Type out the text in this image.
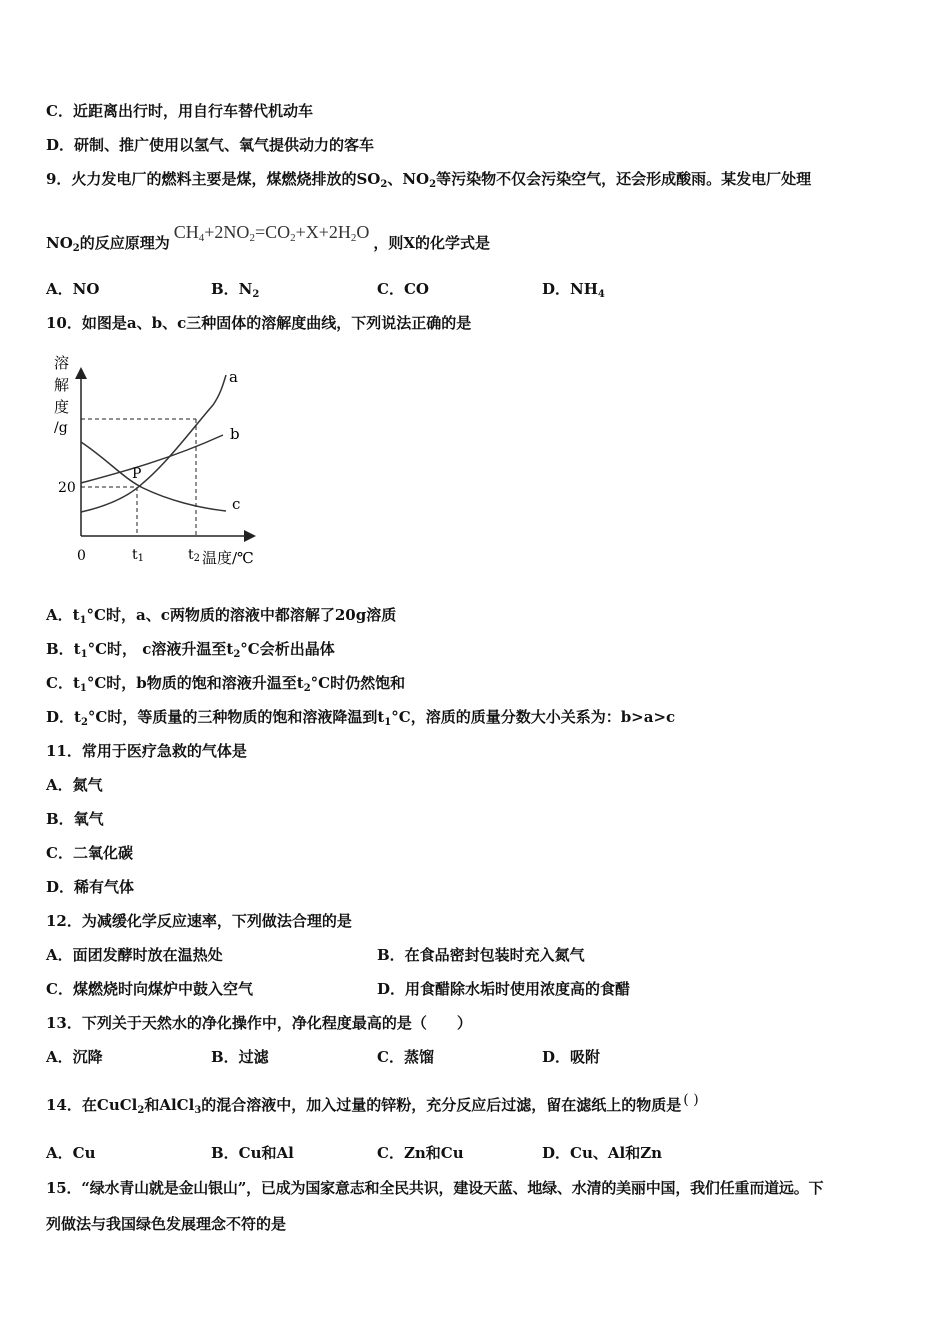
C．近距离出行时，用自行车替代机动车
D．研制、推广使用以氢气、氧气提供动力的客车
9．火力发电厂的燃料主要是煤，煤燃烧排放的$SO_2$、$NO_2$等污染物不仅会污染空气，还会形成酸雨。某发电厂处理
$NO_2$的反应原理为$CH_4+2NO_2=CO_2+X+2H_2O$，则X的化学式是
A．NO	B．$N_2$	C．CO	D．$NH_4$
10．如图是a、b、c三种固体的溶解度曲线，下列说法正确的是
溶
解
度
/g
20
0	t1	t2 温度/℃
a
b
c
P
A．$t_1^\circ C$时，a、c两物质的溶液中都溶解了20g溶质
B．$t_1^\circ C$时， c溶液升温至$t_2^\circ C$会析出晶体
C．$t_1^\circ C$时，b物质的饱和溶液升温至$t_2^\circ C$时仍然饱和
D．$t_2^\circ C$时，等质量的三种物质的饱和溶液降温到$t_1^\circ C$，溶质的质量分数大小关系为：b>a>c
11．常用于医疗急救的气体是
A．氮气
B．氧气
C．二氧化碳
D．稀有气体
12．为减缓化学反应速率，下列做法合理的是
A．面团发酵时放在温热处	B．在食品密封包装时充入氮气
C．煤燃烧时向煤炉中鼓入空气	D．用食醋除水垢时使用浓度高的食醋
13．下列关于天然水的净化操作中，净化程度最高的是（　　）
A．沉降	B．过滤	C．蒸馏	D．吸附
14．在CuCl$_2$和AlCl$_3$的混合溶液中，加入过量的锌粉，充分反应后过滤，留在滤纸上的物质是 ( )
A．Cu	B．Cu和Al	C．Zn和Cu	D．Cu、Al和Zn
15．“绿水青山就是金山银山”，已成为国家意志和全民共识，建设天蓝、地绿、水清的美丽中国，我们任重而道远。下
列做法与我国绿色发展理念不符的是
